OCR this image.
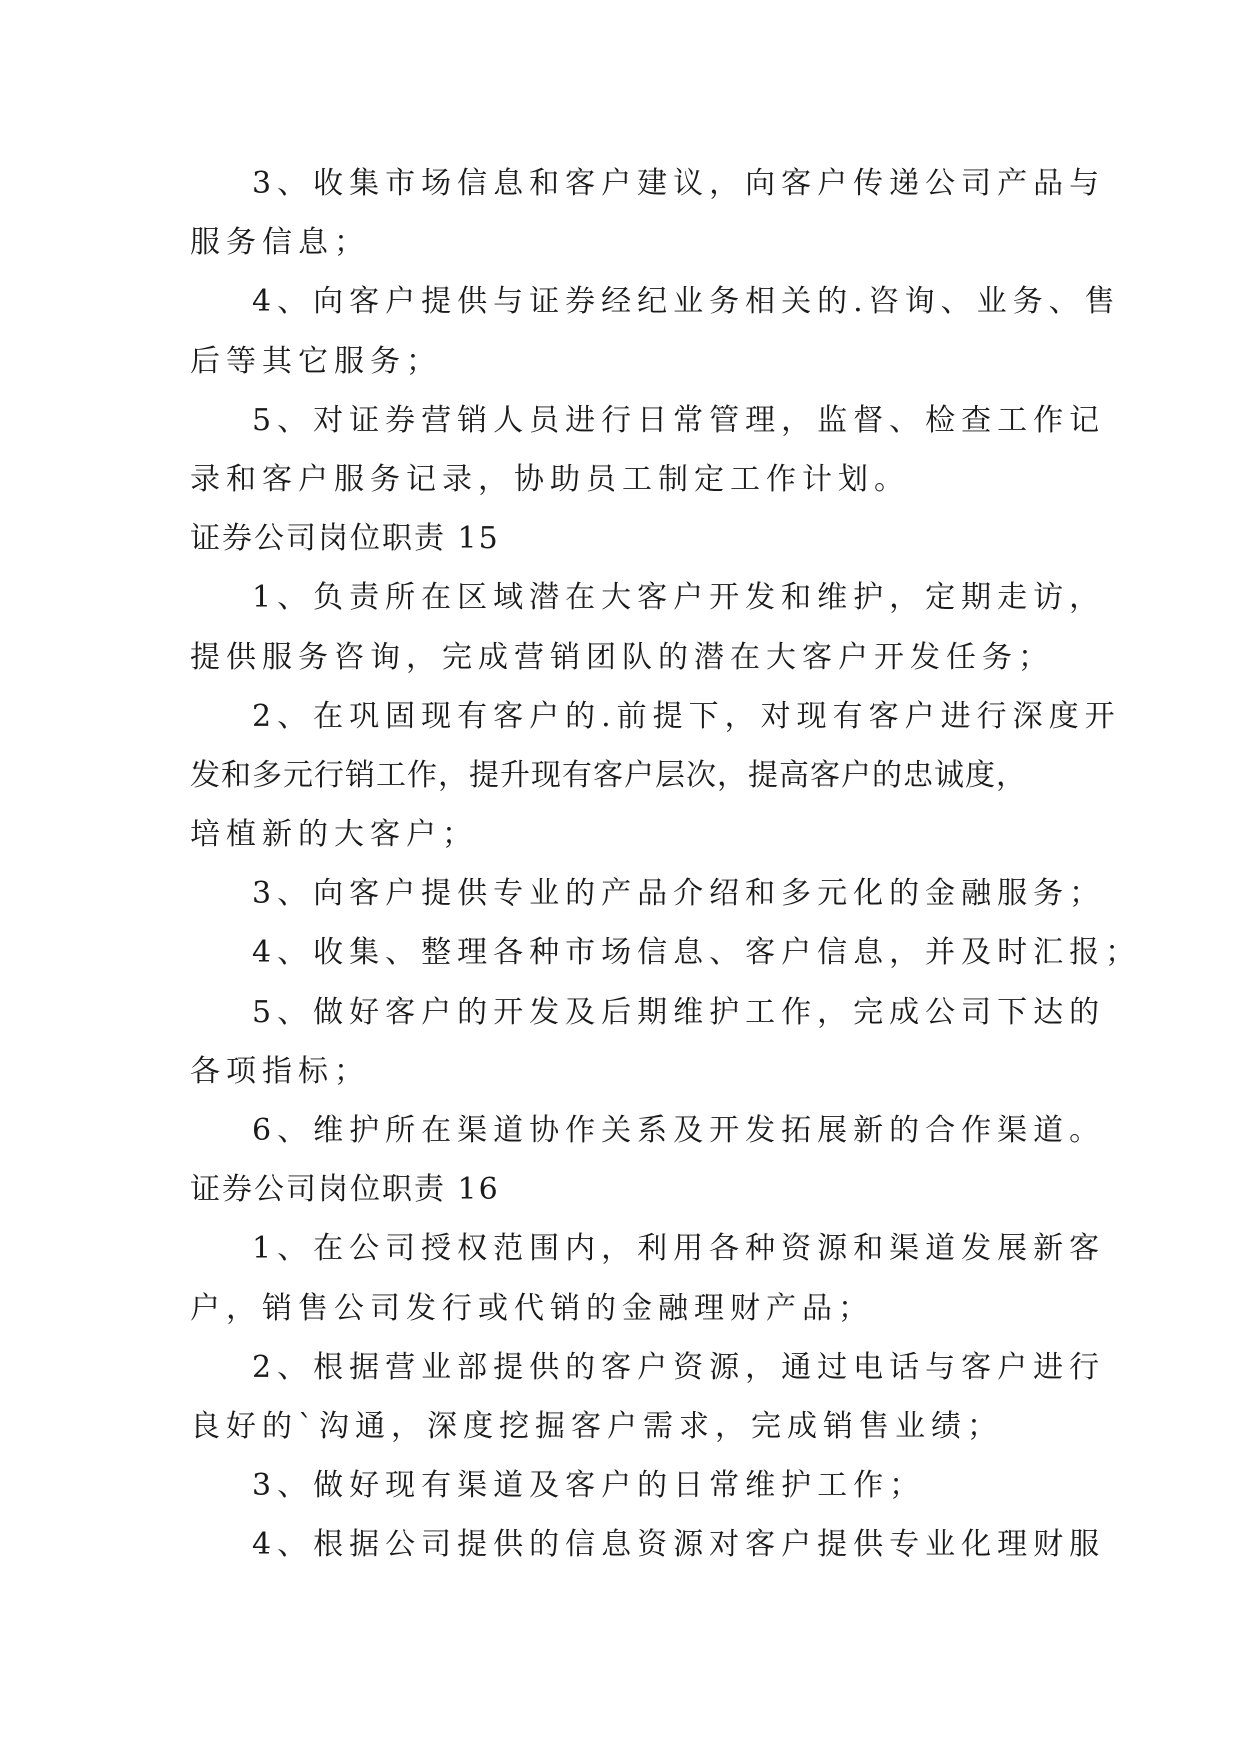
3、收集市场信息和客户建议，向客户传递公司产品与
服务信息；
4、向客户提供与证券经纪业务相关的.咨询、业务、售
后等其它服务；
5、对证券营销人员进行日常管理，监督、检查工作记
录和客户服务记录，协助员工制定工作计划。
证券公司岗位职责 15
1、负责所在区域潜在大客户开发和维护，定期走访，
提供服务咨询，完成营销团队的潜在大客户开发任务；
2、在巩固现有客户的.前提下，对现有客户进行深度开
发和多元行销工作，提升现有客户层次，提高客户的忠诚度，
培植新的大客户；
3、向客户提供专业的产品介绍和多元化的金融服务；
4、收集、整理各种市场信息、客户信息，并及时汇报；
5、做好客户的开发及后期维护工作，完成公司下达的
各项指标；
6、维护所在渠道协作关系及开发拓展新的合作渠道。
证券公司岗位职责 16
1、在公司授权范围内，利用各种资源和渠道发展新客
户，销售公司发行或代销的金融理财产品；
2、根据营业部提供的客户资源，通过电话与客户进行
良好的`沟通，深度挖掘客户需求，完成销售业绩；
3、做好现有渠道及客户的日常维护工作；
4、根据公司提供的信息资源对客户提供专业化理财服
